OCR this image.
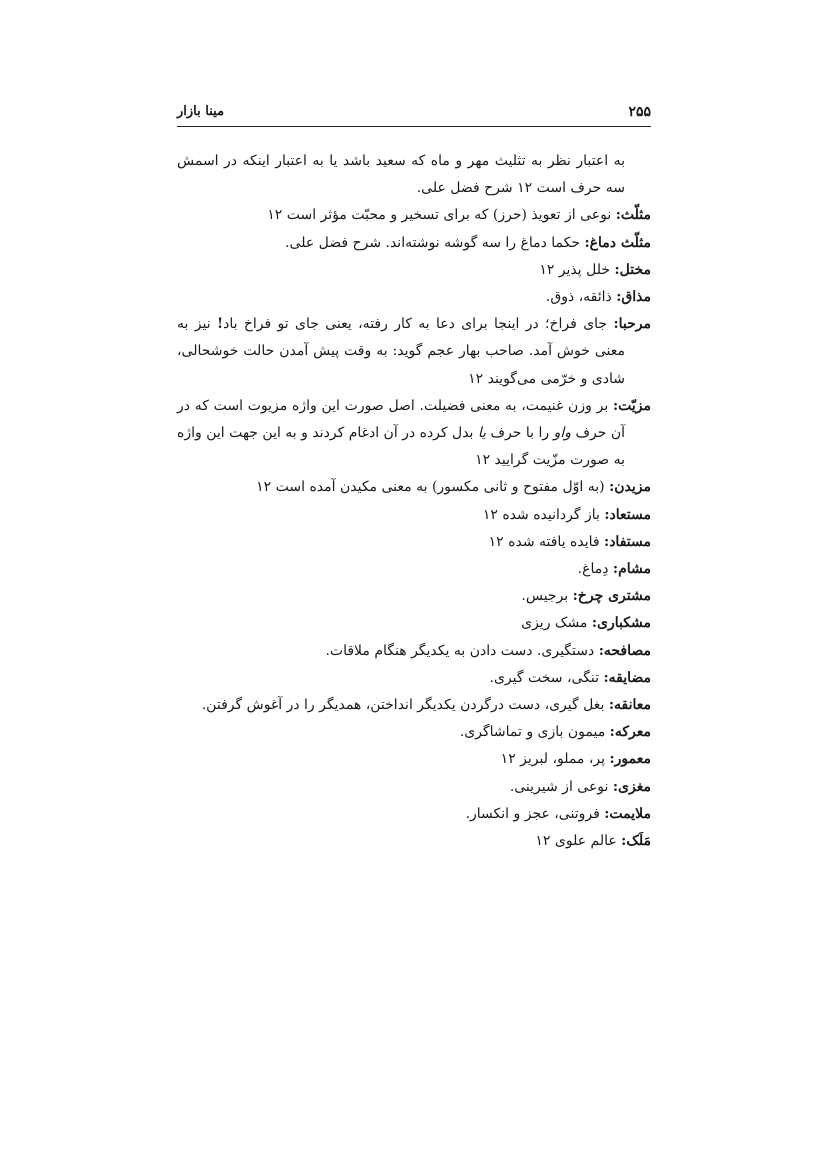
۲۵۵
مینا بازار

به اعتبار نظر به تثلیث مهر و ماه که سعید باشد یا به اعتبار اینکه در اسمش سه حرف است ۱۲ شرح فضل علی.

مثلّث: نوعی از تعویذ (حرز) که برای تسخیر و محبّت مؤثر است ۱۲

مثلّث دماغ: حکما دماغ را سه گوشه نوشته‌اند. شرح فضل علی.

مختل: خلل پذیر ۱۲

مذاق: ذائقه، ذوق.

مرحبا: جای فراخ؛ در اینجا برای دعا به کار رفته، یعنی جای تو فراخ باد! نیز به معنی خوش آمد. صاحب بهار عجم گوید: به وقت پیش آمدن حالت خوشحالی، شادی و خرّمی می‌گویند ۱۲

مزیّت: بر وزن غنیمت، به معنی فضیلت. اصل صورت این واژه مزیوت است که در آن حرف واو را با حرف یا بدل کرده در آن ادغام کردند و به این جهت این واژه به صورت مزّیت گرایید ۱۲

مزیدن: (به اوّل مفتوح و ثانی مکسور) به معنی مکیدن آمده است ۱۲

مستعاد: باز گردانیده شده ۱۲

مستفاد: فایده یافته شده ۱۲

مشام: دِماغ.

مشتری چرخ: برجیس.

مشکباری: مشک ریزی

مصافحه: دستگیری. دست دادن به یکدیگر هنگام ملاقات.

مضایقه: تنگی، سخت گیری.

معانقه: بغل گیری، دست درگردن یکدیگر انداختن، همدیگر را در آغوش گرفتن.

معرکه: میمون بازی و تماشاگری.

معمور: پر، مملو، لبریز ۱۲

مغزی: نوعی از شیرینی.

ملایمت: فروتنی، عجز و انکسار.

مَلَک: عالم علوی ۱۲
